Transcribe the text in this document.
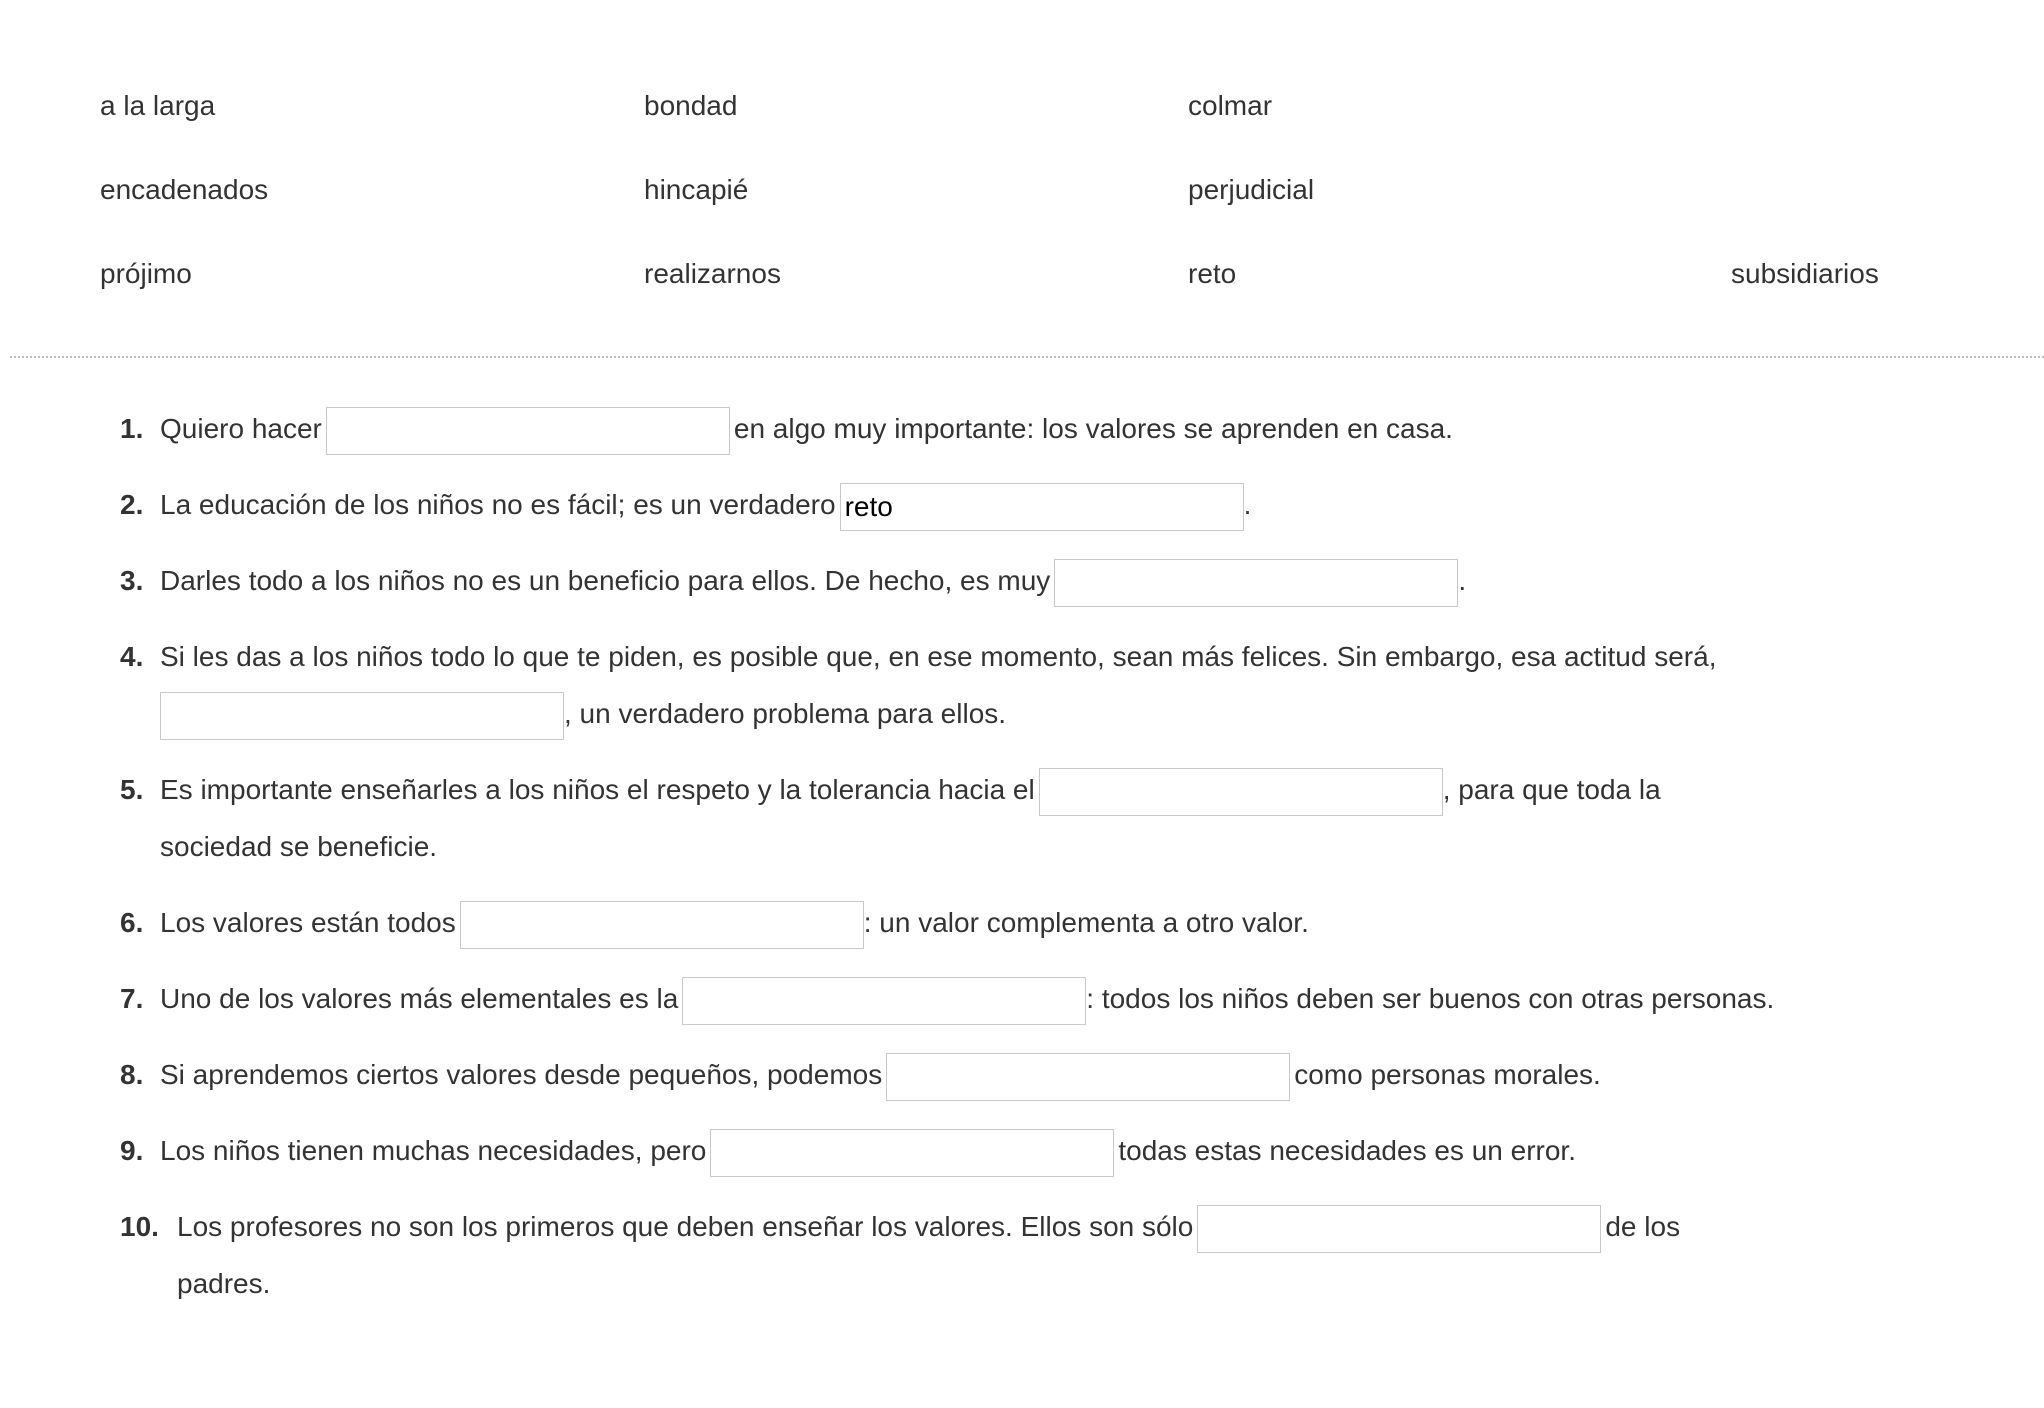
a la larga	bondad	colmar
encadenados	hincapié	perjudicial
prójimo	realizarnos	reto	subsidiarios
1. Quiero hacer	en algo muy importante: los valores se aprenden en casa.
2. La educación de los niños no es fácil; es un verdaderoreto	.
3. Darles todo a los niños no es un beneficio para ellos. De hecho, es muy	.
4. Si les das a los niños todo lo que te piden, es posible que, en ese momento, sean más felices. Sin embargo, esa actitud será,, un verdadero problema para ellos.
5. Es importante enseñarles a los niños el respeto y la tolerancia hacia el	, para que toda la sociedad se beneficie.
6. Los valores están todos	: un valor complementa a otro valor.
7. Uno de los valores más elementales es la	: todos los niños deben ser buenos con otras personas.
8. Si aprendemos ciertos valores desde pequeños, podemos	como personas morales.
9. Los niños tienen muchas necesidades, pero	todas estas necesidades es un error.
10. Los profesores no son los primeros que deben enseñar los valores. Ellos son sólo	de los padres.
